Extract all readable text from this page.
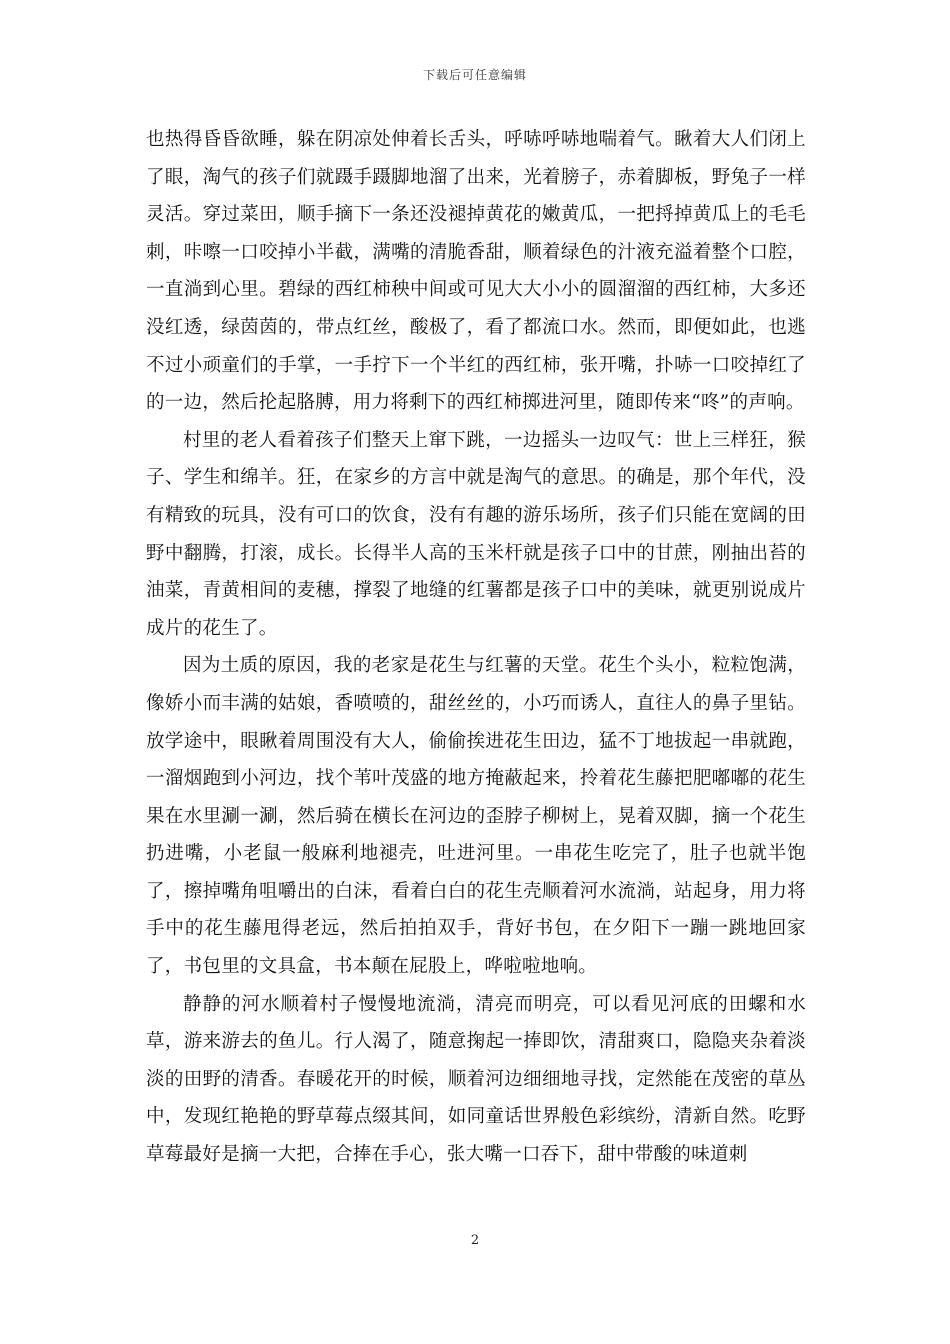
下载后可任意编辑

也热得昏昏欲睡，躲在阴凉处伸着长舌头，呼哧呼哧地喘着气。瞅着大人们闭上了眼，淘气的孩子们就蹑手蹑脚地溜了出来，光着膀子，赤着脚板，野兔子一样灵活。穿过菜田，顺手摘下一条还没褪掉黄花的嫩黄瓜，一把捋掉黄瓜上的毛毛刺，咔嚓一口咬掉小半截，满嘴的清脆香甜，顺着绿色的汁液充溢着整个口腔，一直淌到心里。碧绿的西红柿秧中间或可见大大小小的圆溜溜的西红柿，大多还没红透，绿茵茵的，带点红丝，酸极了，看了都流口水。然而，即便如此，也逃不过小顽童们的手掌，一手拧下一个半红的西红柿，张开嘴，扑哧一口咬掉红了的一边，然后抡起胳膊，用力将剩下的西红柿掷进河里，随即传来“咚”的声响。

村里的老人看着孩子们整天上窜下跳，一边摇头一边叹气：世上三样狂，猴子、学生和绵羊。狂，在家乡的方言中就是淘气的意思。的确是，那个年代，没有精致的玩具，没有可口的饮食，没有有趣的游乐场所，孩子们只能在宽阔的田野中翻腾，打滚，成长。长得半人高的玉米杆就是孩子口中的甘蔗，刚抽出苔的油菜，青黄相间的麦穗，撑裂了地缝的红薯都是孩子口中的美味，就更别说成片成片的花生了。

因为土质的原因，我的老家是花生与红薯的天堂。花生个头小，粒粒饱满，像娇小而丰满的姑娘，香喷喷的，甜丝丝的，小巧而诱人，直往人的鼻子里钻。放学途中，眼瞅着周围没有大人，偷偷挨进花生田边，猛不丁地拔起一串就跑，一溜烟跑到小河边，找个苇叶茂盛的地方掩蔽起来，拎着花生藤把肥嘟嘟的花生果在水里涮一涮，然后骑在横长在河边的歪脖子柳树上，晃着双脚，摘一个花生扔进嘴，小老鼠一般麻利地褪壳，吐进河里。一串花生吃完了，肚子也就半饱了，擦掉嘴角咀嚼出的白沫，看着白白的花生壳顺着河水流淌，站起身，用力将手中的花生藤甩得老远，然后拍拍双手，背好书包，在夕阳下一蹦一跳地回家了，书包里的文具盒，书本颠在屁股上，哗啦啦地响。

静静的河水顺着村子慢慢地流淌，清亮而明亮，可以看见河底的田螺和水草，游来游去的鱼儿。行人渴了，随意掬起一捧即饮，清甜爽口，隐隐夹杂着淡淡的田野的清香。春暖花开的时候，顺着河边细细地寻找，定然能在茂密的草丛中，发现红艳艳的野草莓点缀其间，如同童话世界般色彩缤纷，清新自然。吃野草莓最好是摘一大把，合捧在手心，张大嘴一口吞下，甜中带酸的味道刺

2
